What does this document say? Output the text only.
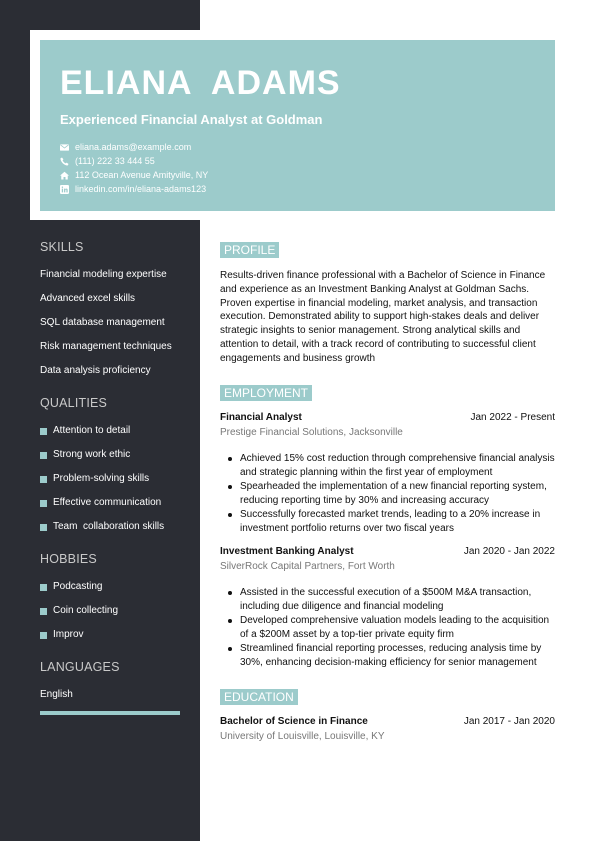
ELIANA  ADAMS
Experienced Financial Analyst at Goldman
eliana.adams@example.com
(111) 222 33 444 55
112 Ocean Avenue Amityville, NY
linkedin.com/in/eliana-adams123
SKILLS
Financial modeling expertise
Advanced excel skills
SQL database management
Risk management techniques
Data analysis proficiency
QUALITIES
Attention to detail
Strong work ethic
Problem-solving skills
Effective communication
Team  collaboration skills
HOBBIES
Podcasting
Coin collecting
Improv
LANGUAGES
English
PROFILE
Results-driven finance professional with a Bachelor of Science in Finance and experience as an Investment Banking Analyst at Goldman Sachs. Proven expertise in financial modeling, market analysis, and transaction execution. Demonstrated ability to support high-stakes deals and deliver strategic insights to senior management. Strong analytical skills and attention to detail, with a track record of contributing to successful client engagements and business growth
EMPLOYMENT
Financial Analyst	Jan 2022 - Present
Prestige Financial Solutions, Jacksonville
Achieved 15% cost reduction through comprehensive financial analysis and strategic planning within the first year of employment
Spearheaded the implementation of a new financial reporting system, reducing reporting time by 30% and increasing accuracy
Successfully forecasted market trends, leading to a 20% increase in investment portfolio returns over two fiscal years
Investment Banking Analyst	Jan 2020 - Jan 2022
SilverRock Capital Partners, Fort Worth
Assisted in the successful execution of a $500M M&A transaction, including due diligence and financial modeling
Developed comprehensive valuation models leading to the acquisition of a $200M asset by a top-tier private equity firm
Streamlined financial reporting processes, reducing analysis time by 30%, enhancing decision-making efficiency for senior management
EDUCATION
Bachelor of Science in Finance	Jan 2017 - Jan 2020
University of Louisville, Louisville, KY
